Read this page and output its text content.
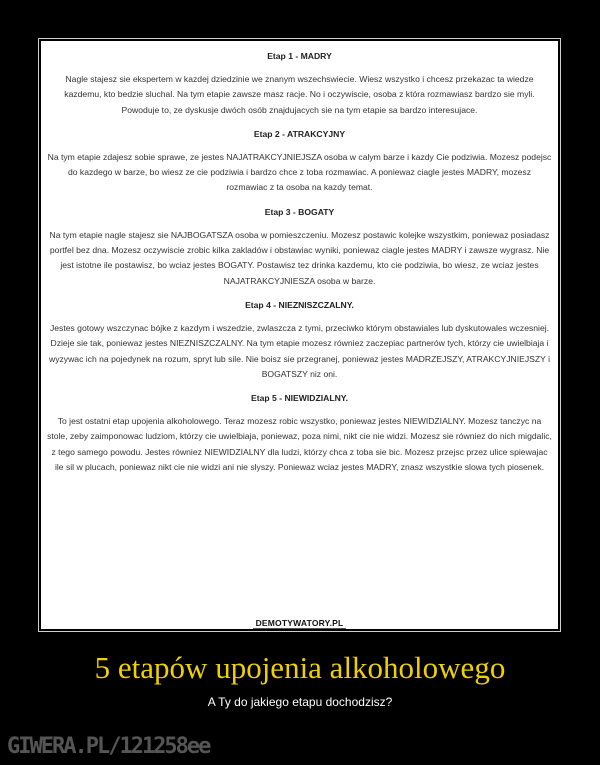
Etap 1 - MADRY
Nagle stajesz sie ekspertem w kazdej dziedzinie we znanym wszechswiecie. Wiesz wszystko i chcesz przekazac ta wiedze kazdemu, kto bedzie sluchal. Na tym etapie zawsze masz racje. No i oczywiscie, osoba z która rozmawiasz bardzo sie myli. Powoduje to, ze dyskusje dwóch osób znajdujacych sie na tym etapie sa bardzo interesujace.
Etap 2 - ATRAKCYJNY
Na tym etapie zdajesz sobie sprawe, ze jestes NAJATRAKCYJNIEJSZA osoba w calym barze i kazdy Cie podziwia. Mozesz podejsc do kazdego w barze, bo wiesz ze cie podziwia i bardzo chce z toba rozmawiac. A poniewaz ciagle jestes MADRY, mozesz rozmawiac z ta osoba na kazdy temat.
Etap 3 - BOGATY
Na tym etapie nagle stajesz sie NAJBOGATSZA osoba w pomieszczeniu. Mozesz postawic kolejke wszystkim, poniewaz posiadasz portfel bez dna. Mozesz oczywiscie zrobic kilka zakladów i obstawiac wyniki, poniewaz ciagle jestes MADRY i zawsze wygrasz. Nie jest istotne ile postawisz, bo wciaz jestes BOGATY. Postawisz tez drinka kazdemu, kto cie podziwia, bo wiesz, ze wciaz jestes NAJATRAKCYJNIESZA osoba w barze.
Etap 4 - NIEZNISZCZALNY.
Jestes gotowy wszczynac bójke z kazdym i wszedzie, zwlaszcza z tymi, przeciwko którym obstawiales lub dyskutowales wczesniej. Dzieje sie tak, poniewaz jestes NIEZNISZCZALNY. Na tym etapie mozesz równiez zaczepiac partnerów tych, którzy cie uwielbiaja i wyzywac ich na pojedynek na rozum, spryt lub sile. Nie boisz sie przegranej, poniewaz jestes MADRZEJSZY, ATRAKCYJNIEJSZY i BOGATSZY niz oni.
Etap 5 - NIEWIDZIALNY.
To jest ostatni etap upojenia alkoholowego. Teraz mozesz robic wszystko, poniewaz jestes NIEWIDZIALNY. Mozesz tanczyc na stole, zeby zaimponowac ludziom, którzy cie uwielbiaja, poniewaz, poza nimi, nikt cie nie widzi. Mozesz sie równiez do nich migdalic, z tego samego powodu. Jestes równiez NIEWIDZIALNY dla ludzi, którzy chca z toba sie bic. Mozesz przejsc przez ulice spiewajac ile sil w plucach, poniewaz nikt cie nie widzi ani nie slyszy. Poniewaz wciaz jestes MADRY, znasz wszystkie slowa tych piosenek.
DEMOTYWATORY.PL
5 etapów upojenia alkoholowego
A Ty do jakiego etapu dochodzisz?
GIWERA.PL/121258ee
